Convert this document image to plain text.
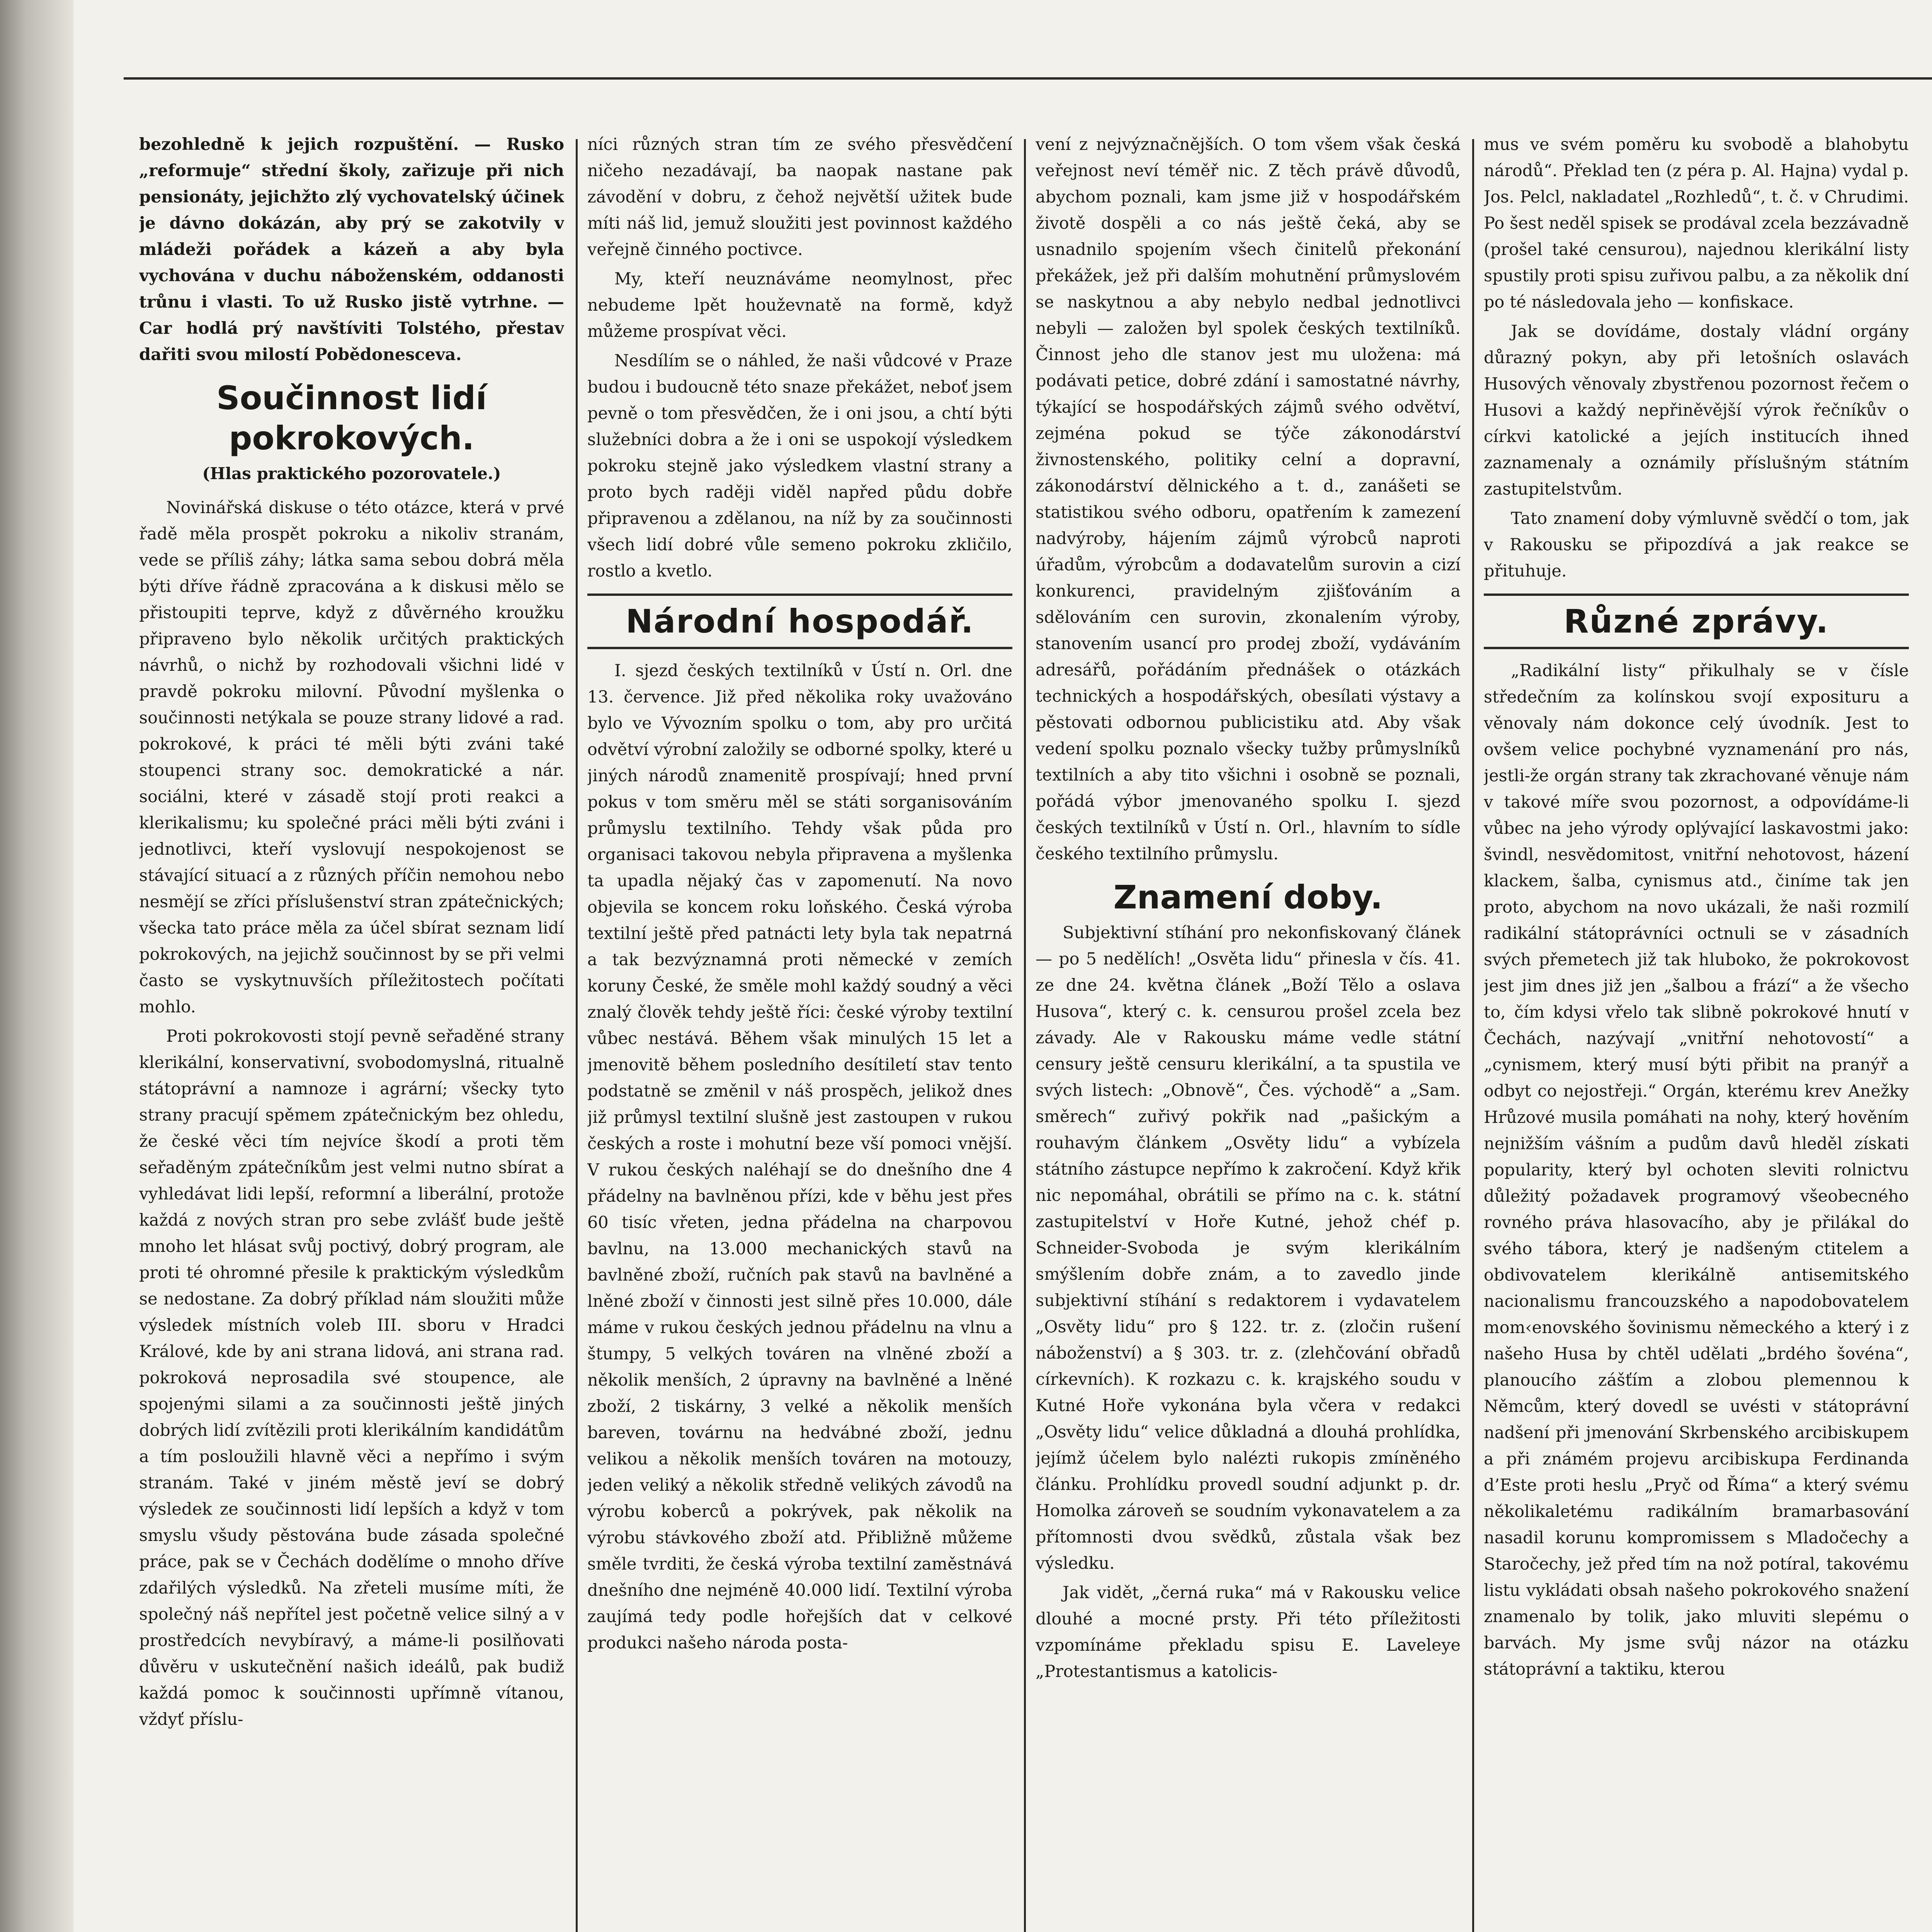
bezohledně k jejich rozpuštění. — Rusko „reformuje“ střední školy, zařizuje při nich pensionáty, jejichžto zlý vychovatelský účinek je dávno dokázán, aby prý se zakotvily v mládeži pořádek a kázeň a aby byla vychována v duchu náboženském, oddanosti trůnu i vlasti. To už Rusko jistě vytrhne. — Car hodlá prý navštíviti Tolstého, přestav dařiti svou milostí Pobědonesceva.

Součinnost lidí pokrokových.
(Hlas praktického pozorovatele.)

Novinářská diskuse o této otázce, která v prvé řadě měla prospět pokroku a nikoliv stranám, vede se příliš záhy; látka sama sebou dobrá měla býti dříve řádně zpracována a k diskusi mělo se přistoupiti teprve, když z důvěrného kroužku připraveno bylo několik určitých praktických návrhů, o nichž by rozhodovali všichni lidé v pravdě pokroku milovní. Původní myšlenka o součinnosti netýkala se pouze strany lidové a rad. pokrokové, k práci té měli býti zváni také stoupenci strany soc. demokratické a nár. sociálni, které v zásadě stojí proti reakci a klerikalismu; ku společné práci měli býti zváni i jednotlivci, kteří vyslovují nespokojenost se stávající situací a z různých příčin nemohou nebo nesmějí se zříci příslušenství stran zpátečnických; všecka tato práce měla za účel sbírat seznam lidí pokrokových, na jejichž součinnost by se při velmi často se vyskytnuvších příležitostech počítati mohlo.

Proti pokrokovosti stojí pevně seřaděné strany klerikální, konservativní, svobodomyslná, ritualně státoprávní a namnoze i agrární; všecky tyto strany pracují spěmem zpátečnickým bez ohledu, že české věci tím nejvíce škodí a proti těm seřaděným zpátečníkům jest velmi nutno sbírat a vyhledávat lidi lepší, reformní a liberální, protože každá z nových stran pro sebe zvlášť bude ještě mnoho let hlásat svůj poctivý, dobrý program, ale proti té ohromné přesile k praktickým výsledkům se nedostane. Za dobrý příklad nám sloužiti může výsledek místních voleb III. sboru v Hradci Králové, kde by ani strana lidová, ani strana rad. pokroková neprosadila své stoupence, ale spojenými silami a za součinnosti ještě jiných dobrých lidí zvítězili proti klerikálním kandidátům a tím posloužili hlavně věci a nepřímo i svým stranám. Také v jiném městě jeví se dobrý výsledek ze součinnosti lidí lepších a když v tom smyslu všudy pěstována bude zásada společné práce, pak se v Čechách dodělíme o mnoho dříve zdařilých výsledků. Na zřeteli musíme míti, že společný náš nepřítel jest početně velice silný a v prostředcích nevybíravý, a máme-li posilňovati důvěru v uskutečnění našich ideálů, pak budiž každá pomoc k součinnosti upřímně vítanou, vždyť příslu-

níci různých stran tím ze svého přesvědčení ničeho nezadávají, ba naopak nastane pak závodění v dobru, z čehož největší užitek bude míti náš lid, jemuž sloužiti jest povinnost každého veřejně činného poctivce.

My, kteří neuznáváme neomylnost, přec nebudeme lpět houževnatě na formě, když můžeme prospívat věci.

Nesdílím se o náhled, že naši vůdcové v Praze budou i budoucně této snaze překážet, neboť jsem pevně o tom přesvědčen, že i oni jsou, a chtí býti služebníci dobra a že i oni se uspokojí výsledkem pokroku stejně jako výsledkem vlastní strany a proto bych raději viděl napřed půdu dobře připravenou a zdělanou, na níž by za součinnosti všech lidí dobré vůle semeno pokroku zkličilo, rostlo a kvetlo.

Národní hospodář.

I. sjezd českých textilníků v Ústí n. Orl. dne 13. července. Již před několika roky uvažováno bylo ve Vývozním spolku o tom, aby pro určitá odvětví výrobní založily se odborné spolky, které u jiných národů znamenitě prospívají; hned první pokus v tom směru měl se státi sorganisováním průmyslu textilního. Tehdy však půda pro organisaci takovou nebyla připravena a myšlenka ta upadla nějaký čas v zapomenutí. Na novo objevila se koncem roku loňského. Česká výroba textilní ještě před patnácti lety byla tak nepatrná a tak bezvýznamná proti německé v zemích koruny České, že směle mohl každý soudný a věci znalý člověk tehdy ještě říci: české výroby textilní vůbec nestává. Během však minulých 15 let a jmenovitě během posledního desítiletí stav tento podstatně se změnil v náš prospěch, jelikož dnes již průmysl textilní slušně jest zastoupen v rukou českých a roste i mohutní beze vší pomoci vnější. V rukou českých naléhají se do dnešního dne 4 přádelny na bavlněnou přízi, kde v běhu jest přes 60 tisíc vřeten, jedna přádelna na charpovou bavlnu, na 13.000 mechanických stavů na bavlněné zboží, ručních pak stavů na bavlněné a lněné zboží v činnosti jest silně přes 10.000, dále máme v rukou českých jednou přádelnu na vlnu a štumpy, 5 velkých továren na vlněné zboží a několik menších, 2 úpravny na bavlněné a lněné zboží, 2 tiskárny, 3 velké a několik menších bareven, továrnu na hedvábné zboží, jednu velikou a několik menších továren na motouzy, jeden veliký a několik středně velikých závodů na výrobu koberců a pokrývek, pak několik na výrobu stávkového zboží atd. Přibližně můžeme směle tvrditi, že česká výroba textilní zaměstnává dnešního dne nejméně 40.000 lidí. Textilní výroba zaujímá tedy podle hořejších dat v celkové produkci našeho národa posta-

vení z nejvýznačnějších. O tom všem však česká veřejnost neví téměř nic. Z těch právě důvodů, abychom poznali, kam jsme již v hospodářském životě dospěli a co nás ještě čeká, aby se usnadnilo spojením všech činitelů překonání překážek, jež při dalším mohutnění průmyslovém se naskytnou a aby nebylo nedbal jednotlivci nebyli — založen byl spolek českých textilníků. Činnost jeho dle stanov jest mu uložena: má podávati petice, dobré zdání i samostatné návrhy, týkající se hospodářských zájmů svého odvětví, zejména pokud se týče zákonodárství živnostenského, politiky celní a dopravní, zákonodárství dělnického a t. d., zanášeti se statistikou svého odboru, opatřením k zamezení nadvýroby, hájením zájmů výrobců naproti úřadům, výrobcům a dodavatelům surovin a cizí konkurenci, pravidelným zjišťováním a sdělováním cen surovin, zkonalením výroby, stanovením usancí pro prodej zboží, vydáváním adresářů, pořádáním přednášek o otázkách technických a hospodářských, obesílati výstavy a pěstovati odbornou publicistiku atd. Aby však vedení spolku poznalo všecky tužby průmyslníků textilních a aby tito všichni i osobně se poznali, pořádá výbor jmenovaného spolku I. sjezd českých textilníků v Ústí n. Orl., hlavním to sídle českého textilního průmyslu.

Znamení doby.

Subjektivní stíhání pro nekonfiskovaný článek — po 5 nedělích! „Osvěta lidu“ přinesla v čís. 41. ze dne 24. května článek „Boží Tělo a oslava Husova“, který c. k. censurou prošel zcela bez závady. Ale v Rakousku máme vedle státní censury ještě censuru klerikální, a ta spustila ve svých listech: „Obnově“, Čes. východě“ a „Sam. směrech“ zuřivý pokřik nad „pašickým a rouhavým článkem „Osvěty lidu“ a vybízela státního zástupce nepřímo k zakročení. Když křik nic nepomáhal, obrátili se přímo na c. k. státní zastupitelství v Hoře Kutné, jehož chéf p. Schneider-Svoboda je svým klerikálním smýšlením dobře znám, a to zavedlo jinde subjektivní stíhání s redaktorem i vydavatelem „Osvěty lidu“ pro § 122. tr. z. (zločin rušení náboženství) a § 303. tr. z. (zlehčování obřadů církevních). K rozkazu c. k. krajského soudu v Kutné Hoře vykonána byla včera v redakci „Osvěty lidu“ velice důkladná a dlouhá prohlídka, jejímž účelem bylo nalézti rukopis zmíněného článku. Prohlídku provedl soudní adjunkt p. dr. Homolka zároveň se soudním vykonavatelem a za přítomnosti dvou svědků, zůstala však bez výsledku.

Jak vidět, „černá ruka“ má v Rakousku velice dlouhé a mocné prsty. Při této příležitosti vzpomínáme překladu spisu E. Laveleye „Protestantismus a katolicis-

mus ve svém poměru ku svobodě a blahobytu národů“. Překlad ten (z péra p. Al. Hajna) vydal p. Jos. Pelcl, nakladatel „Rozhledů“, t. č. v Chrudimi. Po šest neděl spisek se prodával zcela bezzávadně (prošel také censurou), najednou klerikální listy spustily proti spisu zuřivou palbu, a za několik dní po té následovala jeho — konfiskace.

Jak se dovídáme, dostaly vládní orgány důrazný pokyn, aby při letošních oslavách Husových věnovaly zbystřenou pozornost řečem o Husovi a každý nepřiněvější výrok řečníkův o církvi katolické a jejích institucích ihned zaznamenaly a oznámily příslušným státním zastupitelstvům.

Tato znamení doby výmluvně svědčí o tom, jak v Rakousku se připozdívá a jak reakce se přituhuje.

Různé zprávy.

„Radikální listy“ přikulhaly se v čísle středečním za kolínskou svojí exposituru a věnovaly nám dokonce celý úvodník. Jest to ovšem velice pochybné vyznamenání pro nás, jestli-že orgán strany tak zkrachované věnuje nám v takové míře svou pozornost, a odpovídáme-li vůbec na jeho výrody oplývající laskavostmi jako: švindl, nesvědomitost, vnitřní nehotovost, házení klackem, šalba, cynismus atd., činíme tak jen proto, abychom na novo ukázali, že naši rozmilí radikální státoprávníci octnuli se v zásadních svých přemetech již tak hluboko, že pokrokovost jest jim dnes již jen „šalbou a frází“ a že všecho to, čím kdysi vřelo tak slibně pokrokové hnutí v Čechách, nazývají „vnitřní nehotovostí“ a „cynismem, který musí býti přibit na pranýř a odbyt co nejostřeji.“ Orgán, kterému krev Anežky Hrůzové musila pomáhati na nohy, který hověním nejnižším vášním a pudům davů hleděl získati popularity, který byl ochoten sleviti rolnictvu důležitý požadavek programový všeobecného rovného práva hlasovacího, aby je přilákal do svého tábora, který je nadšeným ctitelem a obdivovatelem klerikálně antisemitského nacionalismu francouzského a napodobovatelem mom‹enovského šovinismu německého a který i z našeho Husa by chtěl udělati „brdého šovéna“, planoucího zášťím a zlobou plemennou k Němcům, který dovedl se uvésti v státoprávní nadšení při jmenování Skrbenského arcibiskupem a při známém projevu arcibiskupa Ferdinanda d’Este proti heslu „Pryč od Říma“ a který svému několikaletému radikálním bramarbasování nasadil korunu kompromissem s Mladočechy a Staročechy, jež před tím na nož potíral, takovému listu vykládati obsah našeho pokrokového snažení znamenalo by tolik, jako mluviti slepému o barvách. My jsme svůj názor na otázku státoprávní a taktiku, kterou
